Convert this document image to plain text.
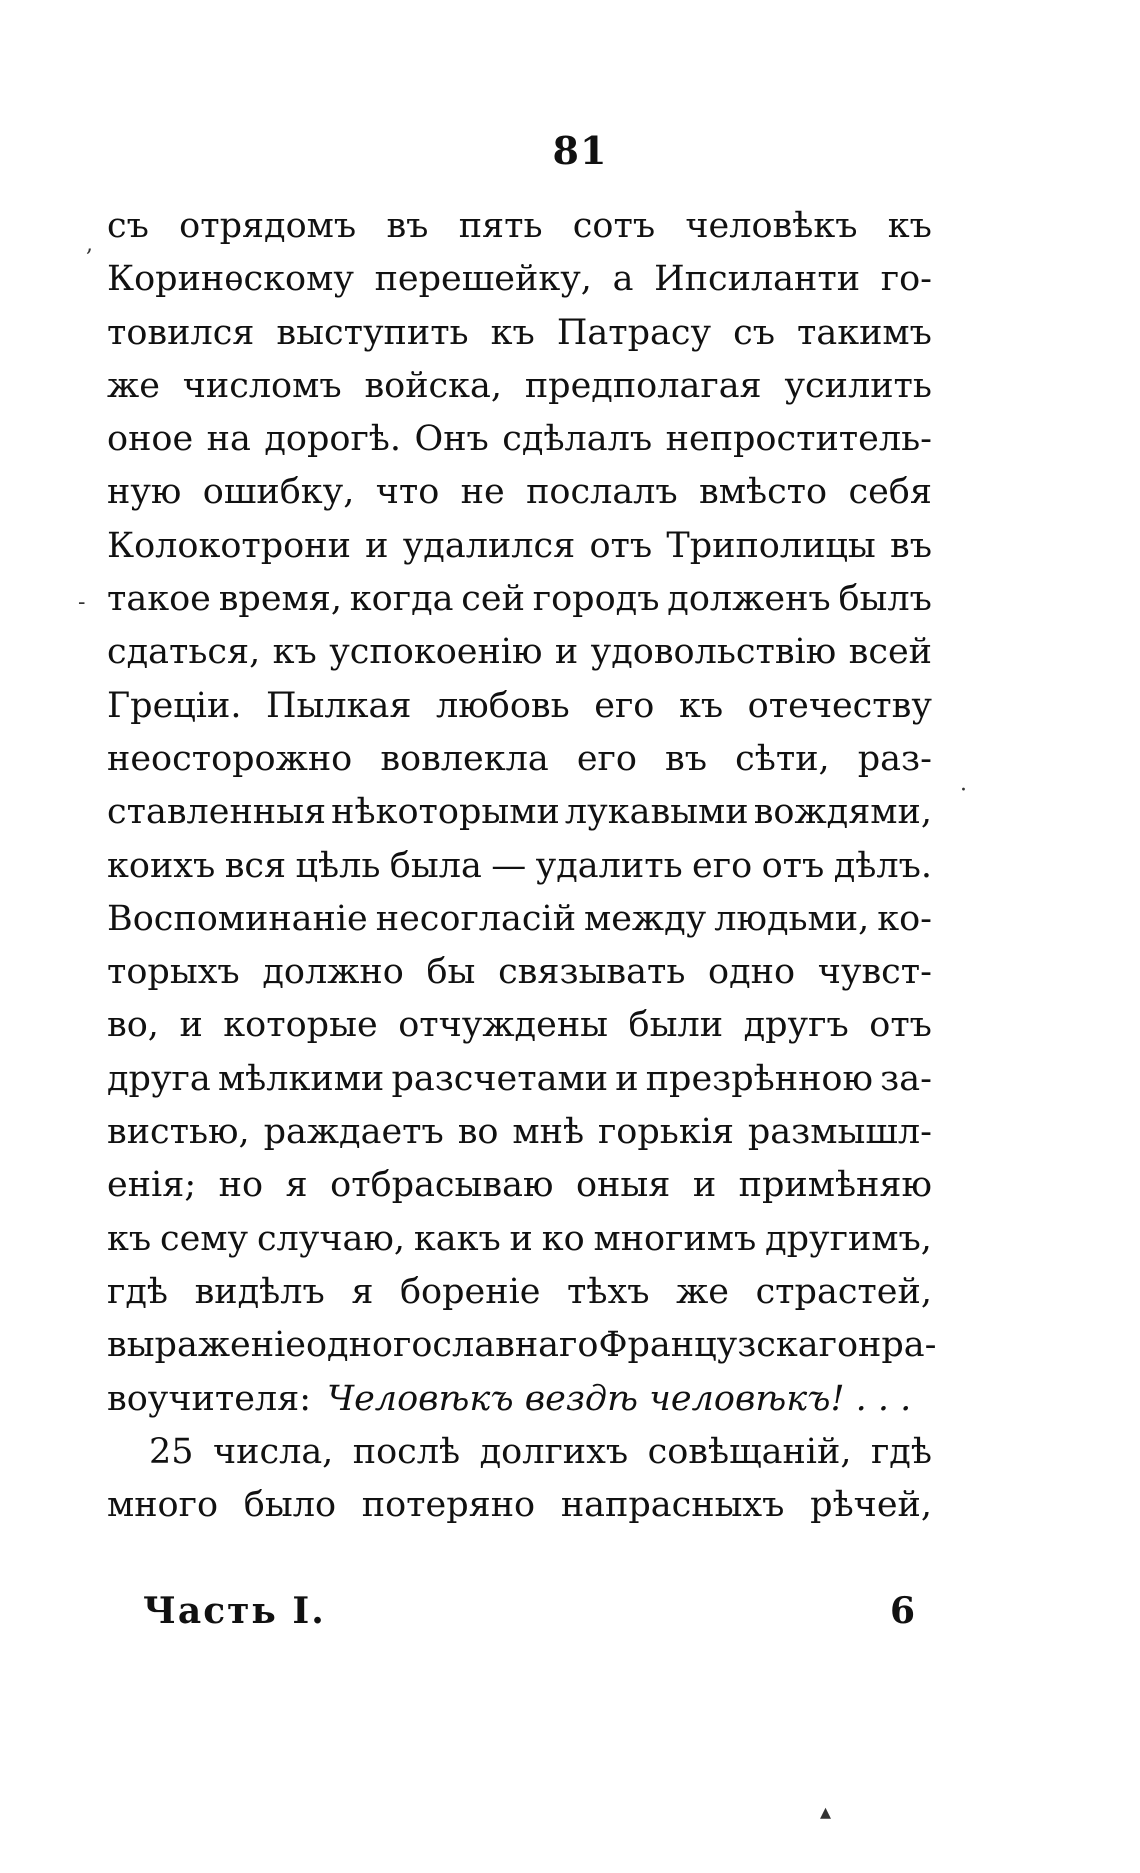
81
съ отрядомъ въ пять сотъ человѣкъ къ
Коринѳскому перешейку, а Ипсиланти го-
товился выступить къ Патрасу съ такимъ
же числомъ войска, предполагая усилить
оное на дорогѣ. Онъ сдѣлалъ непроститель-
ную ошибку, что не послалъ вмѣсто себя
Колокотрони и удалился отъ Триполицы въ
такое время, когда сей городъ долженъ былъ
сдаться, къ успокоенію и удовольствію всей
Греціи. Пылкая любовь его къ отечеству
неосторожно вовлекла его въ сѣти, раз-
ставленныя нѣкоторыми лукавыми вождями,
коихъ вся цѣль была — удалить его отъ дѣлъ.
Воспоминаніе несогласій между людьми, ко-
торыхъ должно бы связывать одно чувст-
во, и которые отчуждены были другъ отъ
друга мѣлкими разсчетами и презрѣнною за-
вистью, раждаетъ во мнѣ горькія размышл-
енія; но я отбрасываю оныя и примѣняю
къ сему случаю, какъ и ко многимъ другимъ,
гдѣ видѣлъ я бореніе тѣхъ же страстей,
выраженіе одного славнаго Французскаго нра-
воучителя: Человѣкъ вездѣ человѣкъ! . . .
25 числа, послѣ долгихъ совѣщаній, гдѣ
много было потеряно напрасныхъ рѣчей,
Часть I.	6
,
-
·
▴
